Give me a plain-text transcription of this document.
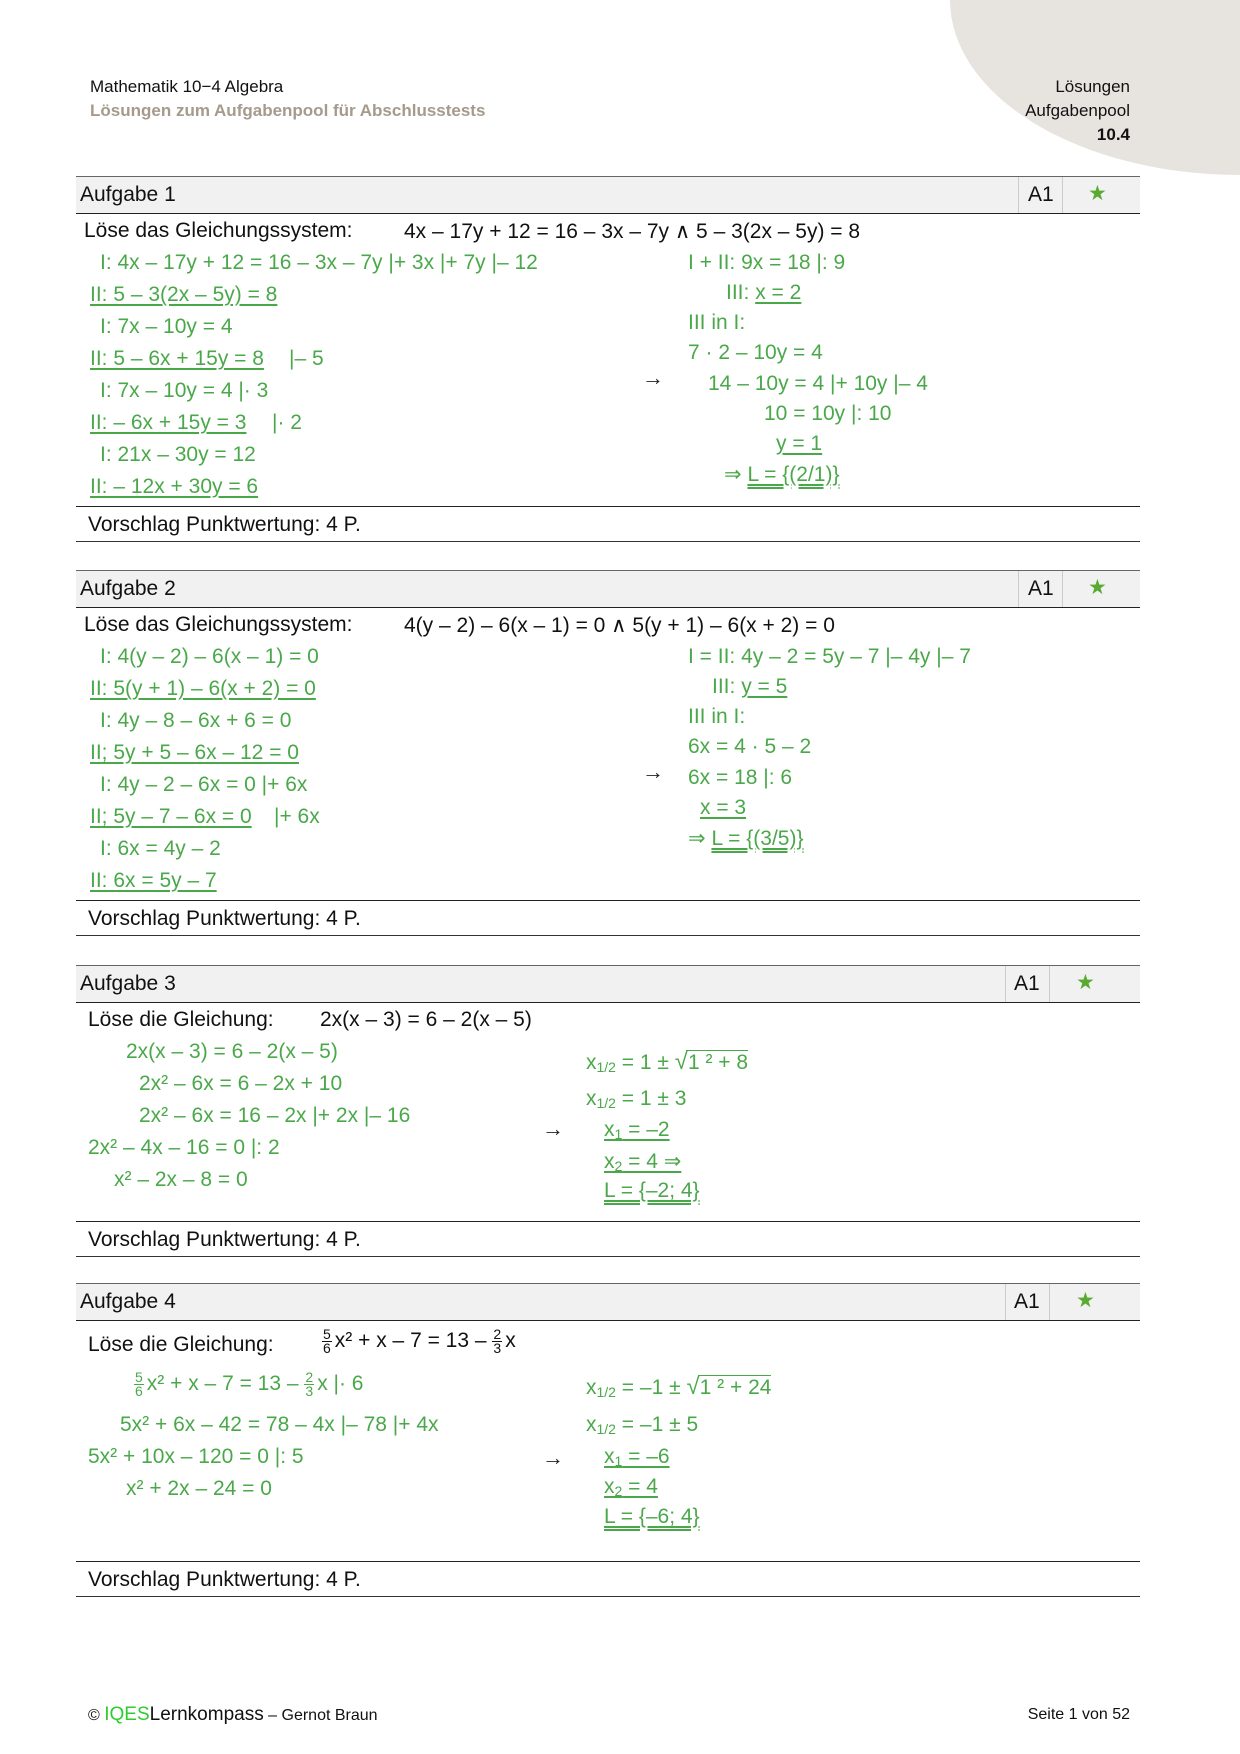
Mathematik 10−4 Algebra
Lösungen zum Aufgabenpool für Abschlusstests
Lösungen
Aufgabenpool
10.4
Aufgabe 1	A1 ★
Löse das Gleichungssystem: 4x – 17y + 12 = 16 – 3x – 7y ∧ 5 – 3(2x – 5y) = 8
I: 4x – 17y + 12 = 16 – 3x – 7y |+ 3x |+ 7y |– 12
II: 5 – 3(2x – 5y) = 8
I: 7x – 10y = 4
II: 5 – 6x + 15y = 8 |– 5
I: 7x – 10y = 4 |· 3
II: – 6x + 15y = 3 |· 2
I: 21x – 30y = 12
II: – 12x + 30y = 6
→
I + II: 9x = 18 |: 9
III: x = 2
III in I:
7 · 2 – 10y = 4
14 – 10y = 4 |+ 10y |– 4
10 = 10y |: 10
y = 1
⇒ L = {(2/1)}
Vorschlag Punktwertung: 4 P.
Aufgabe 2	A1 ★
Löse das Gleichungssystem: 4(y – 2) – 6(x – 1) = 0 ∧ 5(y + 1) – 6(x + 2) = 0
I: 4(y – 2) – 6(x – 1) = 0
II: 5(y + 1) – 6(x + 2) = 0
I: 4y – 8 – 6x + 6 = 0
II; 5y + 5 – 6x – 12 = 0
I: 4y – 2 – 6x = 0 |+ 6x
II; 5y – 7 – 6x = 0 |+ 6x
I: 6x = 4y – 2
II: 6x = 5y – 7
→
I = II: 4y – 2 = 5y – 7 |– 4y |– 7
III: y = 5
III in I:
6x = 4 · 5 – 2
6x = 18 |: 6
x = 3
⇒ L = {(3/5)}
Vorschlag Punktwertung: 4 P.
Aufgabe 3	A1 ★
Löse die Gleichung: 2x(x – 3) = 6 – 2(x – 5)
2x(x – 3) = 6 – 2(x – 5)
2x² – 6x = 6 – 2x + 10
2x² – 6x = 16 – 2x |+ 2x |– 16
2x² – 4x – 16 = 0 |: 2
x² – 2x – 8 = 0
→
$x_{1/2} = 1 \pm √1$ ² + 8
$x_{1/2} = 1 \pm 3$
$x_1 = -2$
$x_2 = 4$ ⇒
L = {–2; 4}
Vorschlag Punktwertung: 4 P.
Aufgabe 4	A1 ★
Löse die Gleichung:	$\frac{5}{6} x^2 + x - 7 = 13 - \frac{2}{3}$ x
$\frac{5}{6} x^2 + x - 7 = 13 - \frac{2}{3}$ x |· 6
5x² + 6x – 42 = 78 – 4x |– 78 |+ 4x
5x² + 10x – 120 = 0 |: 5
x² + 2x – 24 = 0
→
$x_{1/2} = -1 \pm √1$ ² + 24
$x_{1/2} = -1 \pm 5$
$x_1 = -6$
$x_2 = 4$
L = {–6; 4}
Vorschlag Punktwertung: 4 P.
© IQESLernkompass – Gernot Braun	Seite 1 von 52
